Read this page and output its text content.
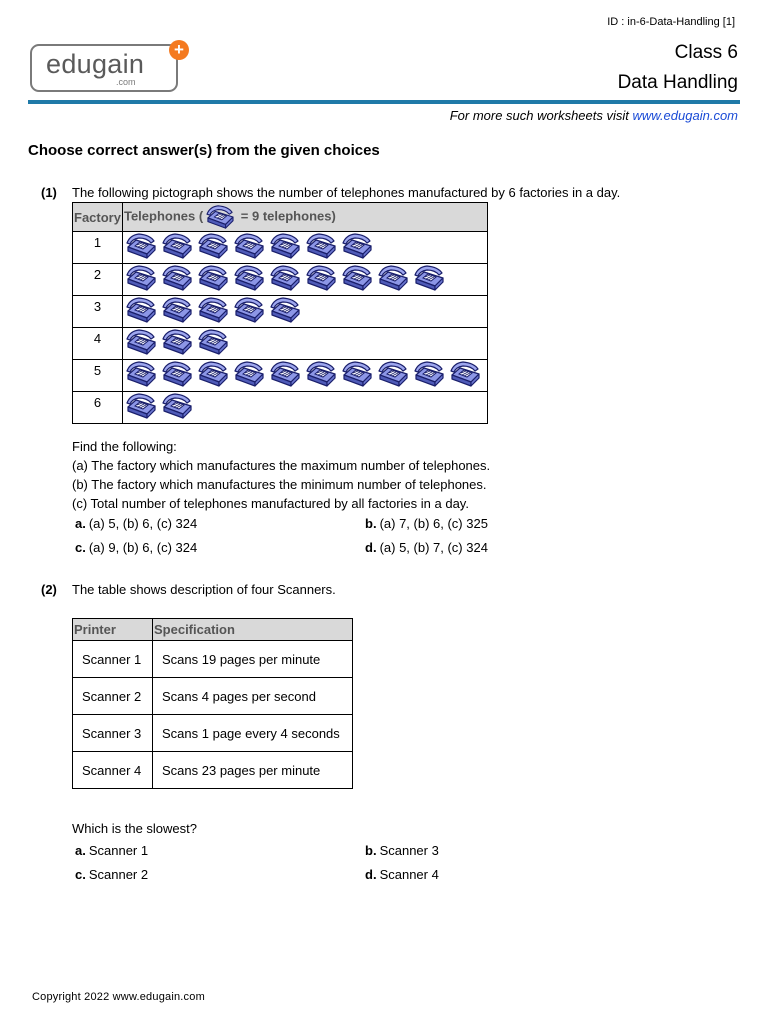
ID : in-6-Data-Handling [1]
edugain
.com
+	Class 6
Data Handling
For more such worksheets visit www.edugain.com
Choose correct answer(s) from the given choices
(1) The following pictograph shows the number of telephones manufactured by 6 factories in a day.
Factory	Telephones ( = 9 telephones)
1	

2	

3	

4	

5	

6	
Find the following:
(a) The factory which manufactures the maximum number of telephones.
(b) The factory which manufactures the minimum number of telephones.
(c) Total number of telephones manufactured by all factories in a day.
a. (a) 5, (b) 6, (c) 324	b. (a) 7, (b) 6, (c) 325
c. (a) 9, (b) 6, (c) 324	d. (a) 5, (b) 7, (c) 324
(2) The table shows description of four Scanners.
Printer	Specification
Scanner 1	Scans 19 pages per minute
Scanner 2	Scans 4 pages per second
Scanner 3	Scans 1 page every 4 seconds
Scanner 4	Scans 23 pages per minute
Which is the slowest?
a. Scanner 1	b. Scanner 3
c. Scanner 2	d. Scanner 4
Copyright 2022 www.edugain.com
